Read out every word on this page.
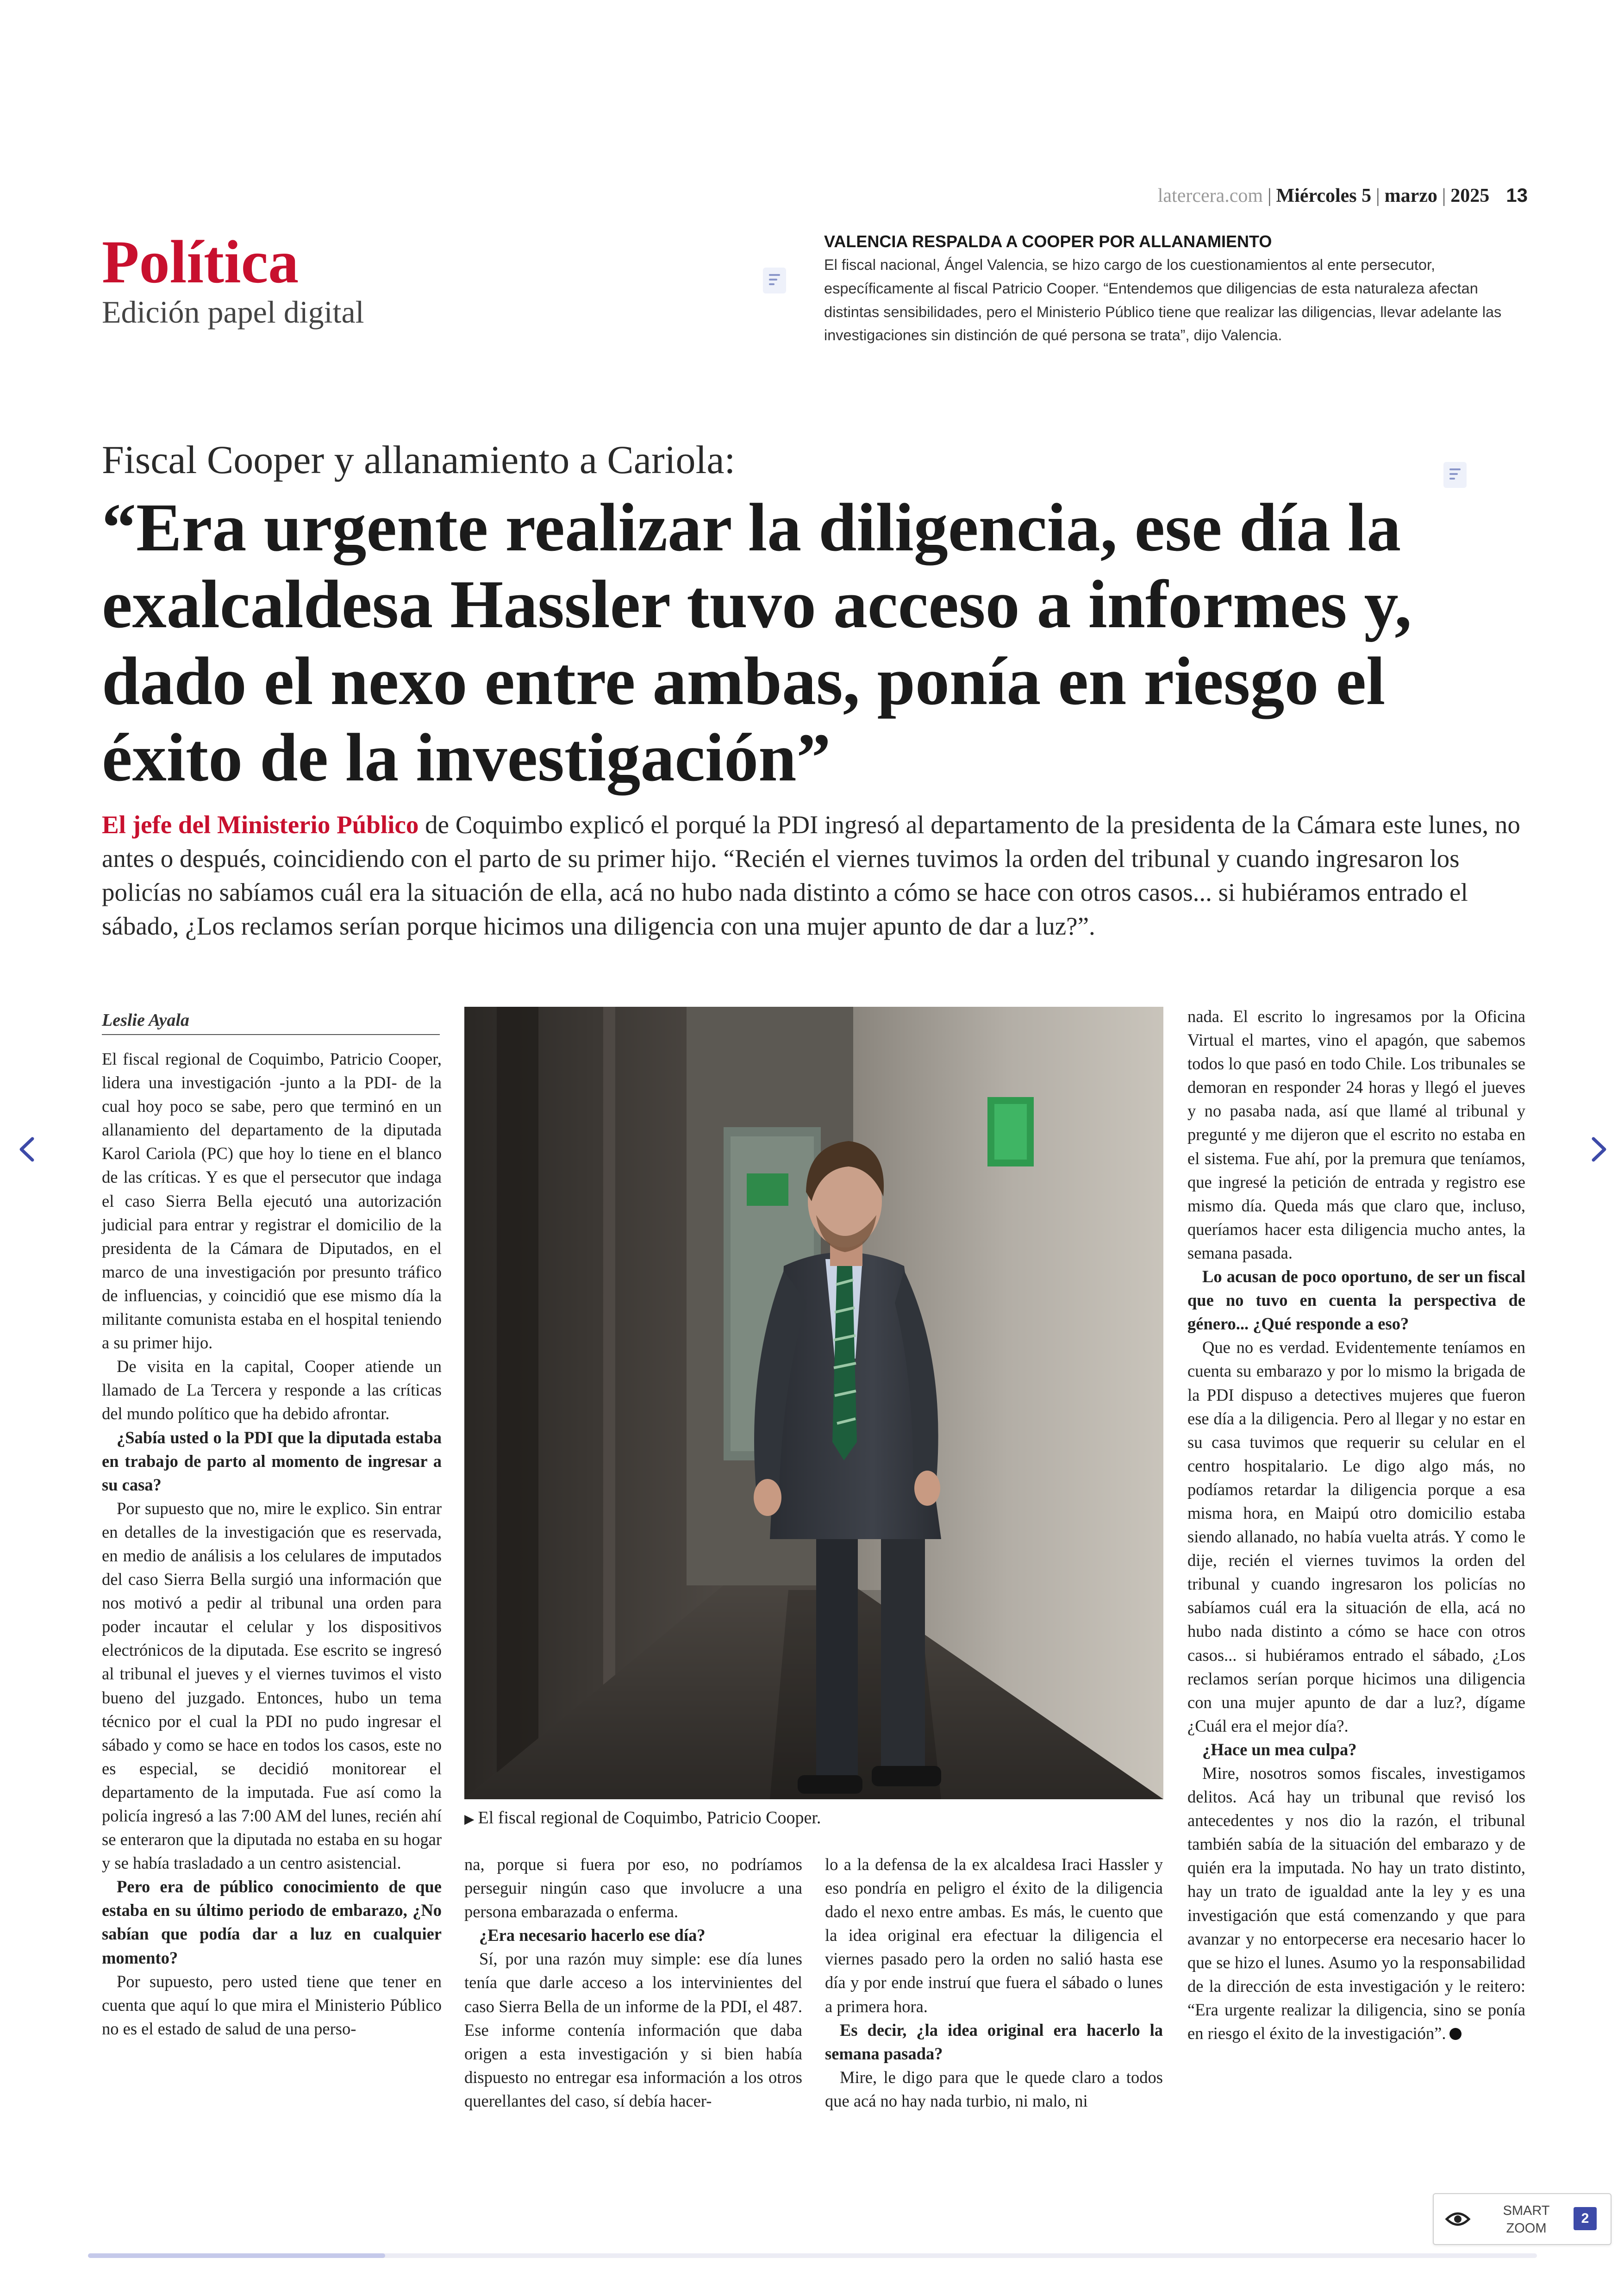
latercera.com | Miércoles 5 | marzo | 2025 13
Política
Edición papel digital
VALENCIA RESPALDA A COOPER POR ALLANAMIENTO
El fiscal nacional, Ángel Valencia, se hizo cargo de los cuestionamientos al ente persecutor, específicamente al fiscal Patricio Cooper. “Entendemos que diligencias de esta naturaleza afectan distintas sensibilidades, pero el Ministerio Público tiene que realizar las diligencias, llevar adelante las investigaciones sin distinción de qué persona se trata”, dijo Valencia.
Fiscal Cooper y allanamiento a Cariola:
“Era urgente realizar la diligencia, ese día la exalcaldesa Hassler tuvo acceso a informes y, dado el nexo entre ambas, ponía en riesgo el éxito de la investigación”
El jefe del Ministerio Público de Coquimbo explicó el porqué la PDI ingresó al departamento de la presidenta de la Cámara este lunes, no antes o después, coincidiendo con el parto de su primer hijo. “Recién el viernes tuvimos la orden del tribunal y cuando ingresaron los policías no sabíamos cuál era la situación de ella, acá no hubo nada distinto a cómo se hace con otros casos... si hubiéramos entrado el sábado, ¿Los reclamos serían porque hicimos una diligencia con una mujer apunto de dar a luz?”.
Leslie Ayala

El fiscal regional de Coquimbo, Patricio Cooper, lidera una investigación -junto a la PDI- de la cual hoy poco se sabe, pero que terminó en un allanamiento del departamento de la diputada Karol Cariola (PC) que hoy lo tiene en el blanco de las críticas. Y es que el persecutor que indaga el caso Sierra Bella ejecutó una autorización judicial para entrar y registrar el domicilio de la presidenta de la Cámara de Diputados, en el marco de una investigación por presunto tráfico de influencias, y coincidió que ese mismo día la militante comunista estaba en el hospital teniendo a su primer hijo.

De visita en la capital, Cooper atiende un llamado de La Tercera y responde a las críticas del mundo político que ha debido afrontar.

¿Sabía usted o la PDI que la diputada estaba en trabajo de parto al momento de ingresar a su casa?

Por supuesto que no, mire le explico. Sin entrar en detalles de la investigación que es reservada, en medio de análisis a los celulares de imputados del caso Sierra Bella surgió una información que nos motivó a pedir al tribunal una orden para poder incautar el celular y los dispositivos electrónicos de la diputada. Ese escrito se ingresó al tribunal el jueves y el viernes tuvimos el visto bueno del juzgado. Entonces, hubo un tema técnico por el cual la PDI no pudo ingresar el sábado y como se hace en todos los casos, este no es especial, se decidió monitorear el departamento de la imputada. Fue así como la policía ingresó a las 7:00 AM del lunes, recién ahí se enteraron que la diputada no estaba en su hogar y se había trasladado a un centro asistencial.

Pero era de público conocimiento de que estaba en su último periodo de embarazo, ¿No sabían que podía dar a luz en cualquier momento?

Por supuesto, pero usted tiene que tener en cuenta que aquí lo que mira el Ministerio Público no es el estado de salud de una perso-

▶ El fiscal regional de Coquimbo, Patricio Cooper.

na, porque si fuera por eso, no podríamos perseguir ningún caso que involucre a una persona embarazada o enferma.

¿Era necesario hacerlo ese día?

Sí, por una razón muy simple: ese día lunes tenía que darle acceso a los intervinientes del caso Sierra Bella de un informe de la PDI, el 487. Ese informe contenía información que daba origen a esta investigación y si bien había dispuesto no entregar esa información a los otros querellantes del caso, sí debía hacer-

lo a la defensa de la ex alcaldesa Iraci Hassler y eso pondría en peligro el éxito de la diligencia dado el nexo entre ambas. Es más, le cuento que la idea original era efectuar la diligencia el viernes pasado pero la orden no salió hasta ese día y por ende instruí que fuera el sábado o lunes a primera hora.

Es decir, ¿la idea original era hacerlo la semana pasada?

Mire, le digo para que le quede claro a todos que acá no hay nada turbio, ni malo, ni

nada. El escrito lo ingresamos por la Oficina Virtual el martes, vino el apagón, que sabemos todos lo que pasó en todo Chile. Los tribunales se demoran en responder 24 horas y llegó el jueves y no pasaba nada, así que llamé al tribunal y pregunté y me dijeron que el escrito no estaba en el sistema. Fue ahí, por la premura que teníamos, que ingresé la petición de entrada y registro ese mismo día. Queda más que claro que, incluso, queríamos hacer esta diligencia mucho antes, la semana pasada.

Lo acusan de poco oportuno, de ser un fiscal que no tuvo en cuenta la perspectiva de género... ¿Qué responde a eso?

Que no es verdad. Evidentemente teníamos en cuenta su embarazo y por lo mismo la brigada de la PDI dispuso a detectives mujeres que fueron ese día a la diligencia. Pero al llegar y no estar en su casa tuvimos que requerir su celular en el centro hospitalario. Le digo algo más, no podíamos retardar la diligencia porque a esa misma hora, en Maipú otro domicilio estaba siendo allanado, no había vuelta atrás. Y como le dije, recién el viernes tuvimos la orden del tribunal y cuando ingresaron los policías no sabíamos cuál era la situación de ella, acá no hubo nada distinto a cómo se hace con otros casos... si hubiéramos entrado el sábado, ¿Los reclamos serían porque hicimos una diligencia con una mujer apunto de dar a luz?, dígame ¿Cuál era el mejor día?.

¿Hace un mea culpa?

Mire, nosotros somos fiscales, investigamos delitos. Acá hay un tribunal que revisó los antecedentes y nos dio la razón, el tribunal también sabía de la situación del embarazo y de quién era la imputada. No hay un trato distinto, hay un trato de igualdad ante la ley y es una investigación que está comenzando y que para avanzar y no entorpecerse era necesario hacer lo que se hizo el lunes. Asumo yo la responsabilidad de la dirección de esta investigación y le reitero: “Era urgente realizar la diligencia, sino se ponía en riesgo el éxito de la investigación”.

SMART
ZOOM
2
